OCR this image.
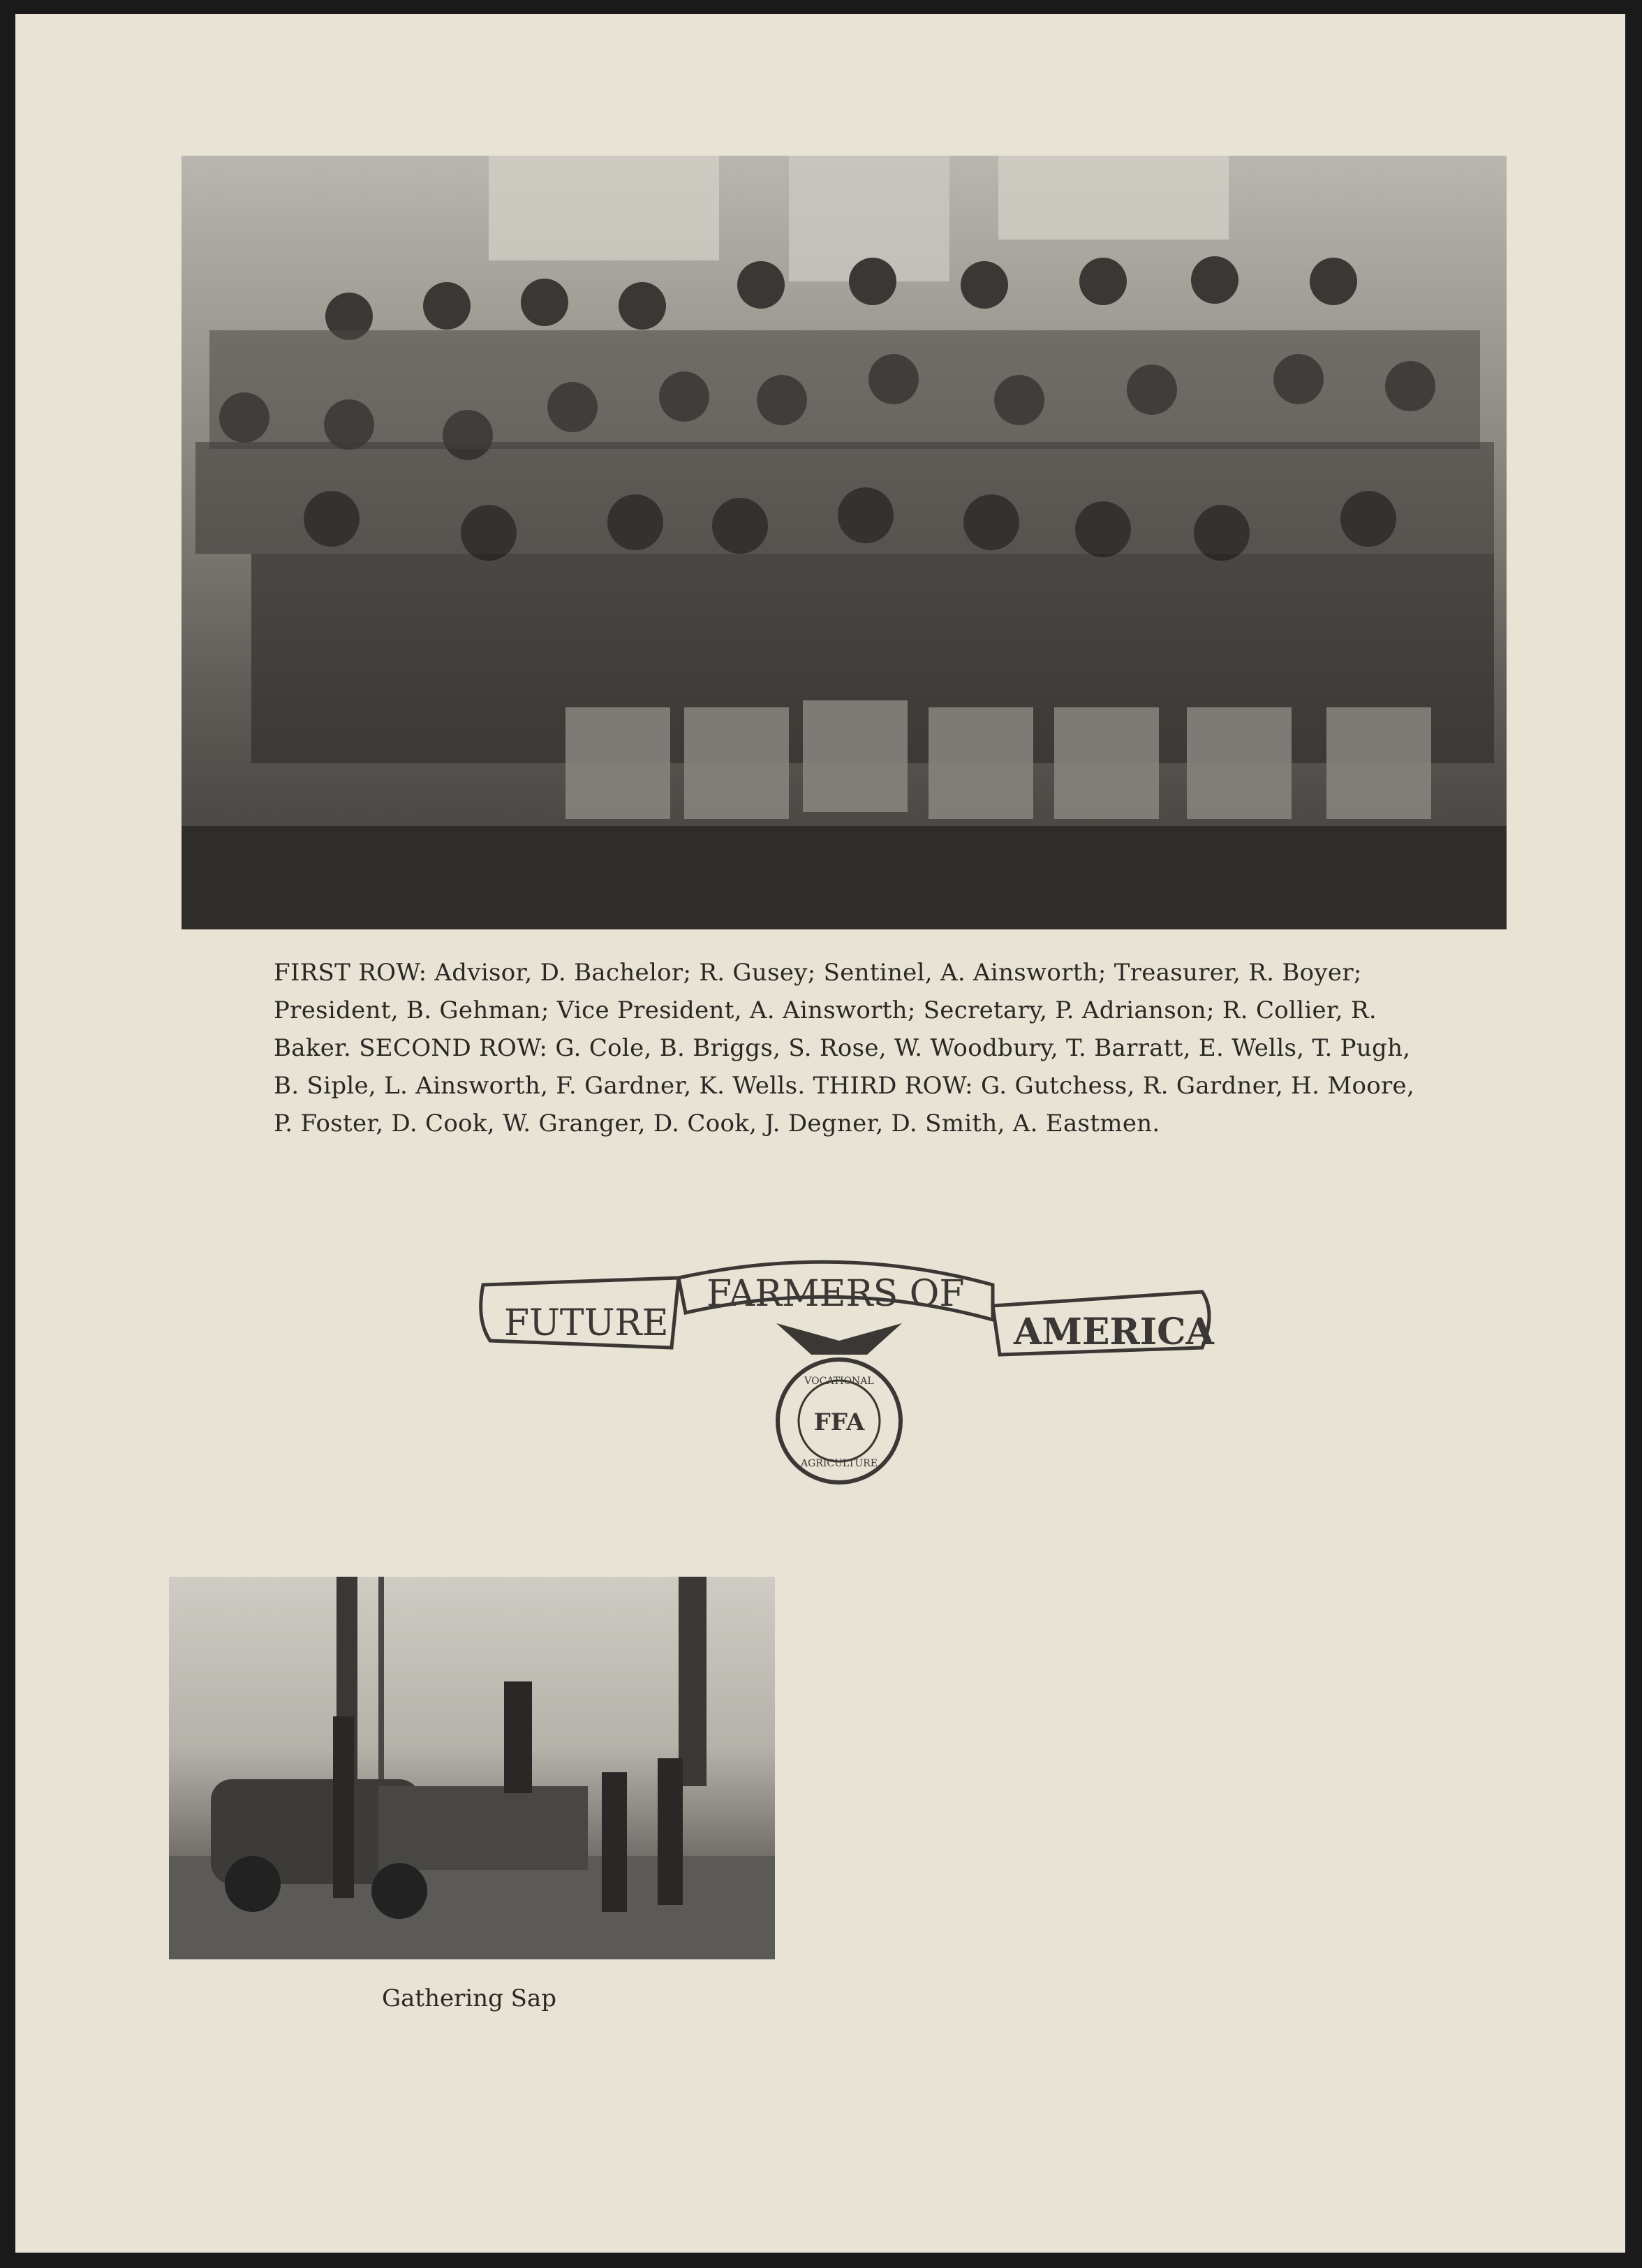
FIRST ROW: Advisor, D. Bachelor; R. Gusey; Sentinel, A. Ainsworth; Treasurer, R. Boyer; President, B. Gehman; Vice President, A. Ainsworth; Secretary, P. Adrianson; R. Collier, R. Baker. SECOND ROW: G. Cole, B. Briggs, S. Rose, W. Woodbury, T. Barratt, E. Wells, T. Pugh, B. Siple, L. Ainsworth, F. Gardner, K. Wells. THIRD ROW: G. Gutchess, R. Gardner, H. Moore, P. Foster, D. Cook, W. Granger, D. Cook, J. Degner, D. Smith, A. Eastmen.
FUTURE
FARMERS OF
AMERICA
VOCATIONAL
AGRICULTURE
FFA
Gathering Sap
